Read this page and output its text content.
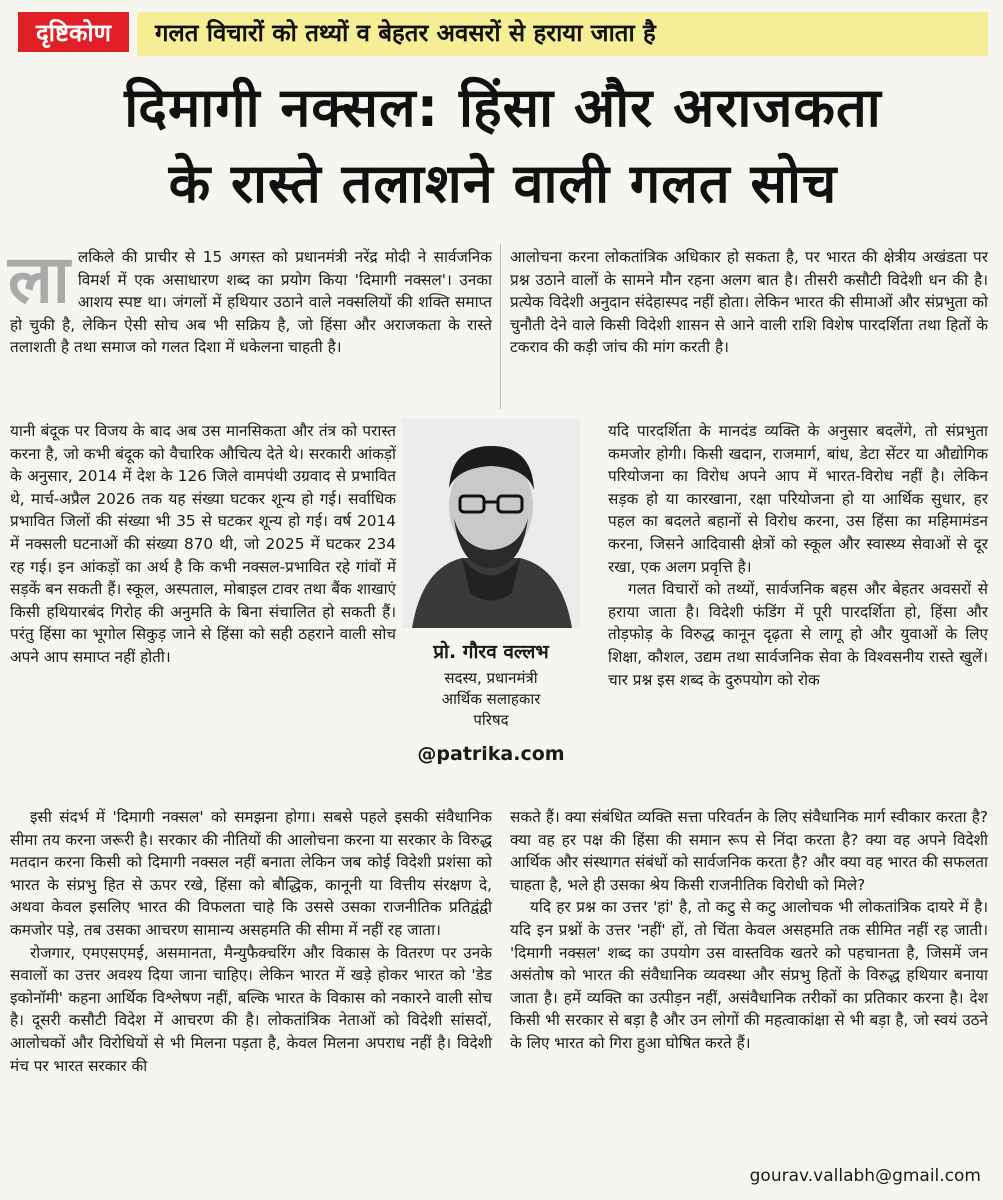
दृष्टिकोण	गलत विचारों को तथ्यों व बेहतर अवसरों से हराया जाता है
दिमागी नक्सल: हिंसा और अराजकता
के रास्ते तलाशने वाली गलत सोच
ला लकिले की प्राचीर से 15 अगस्त को प्रधानमंत्री नरेंद्र मोदी ने सार्वजनिक विमर्श में एक असाधारण शब्द का प्रयोग किया 'दिमागी नक्सल'। उनका आशय स्पष्ट था। जंगलों में हथियार उठाने वाले नक्सलियों की शक्ति समाप्त हो चुकी है, लेकिन ऐसी सोच अब भी सक्रिय है, जो हिंसा और अराजकता के रास्ते तलाशती है तथा समाज को गलत दिशा में धकेलना चाहती है।

यानी बंदूक पर विजय के बाद अब उस मानसिकता और तंत्र को परास्त करना है, जो कभी बंदूक को वैचारिक औचित्य देते थे। सरकारी आंकड़ों के अनुसार, 2014 में देश के 126 जिले वामपंथी उग्रवाद से प्रभावित थे, मार्च-अप्रैल 2026 तक यह संख्या घटकर शून्य हो गई। सर्वाधिक प्रभावित जिलों की संख्या भी 35 से घटकर शून्य हो गई। वर्ष 2014 में नक्सली घटनाओं की संख्या 870 थी, जो 2025 में घटकर 234 रह गई। इन आंकड़ों का अर्थ है कि कभी नक्सल-प्रभावित रहे गांवों में सड़कें बन सकती हैं। स्कूल, अस्पताल, मोबाइल टावर तथा बैंक शाखाएं किसी हथियारबंद गिरोह की अनुमति के बिना संचालित हो सकती हैं। परंतु हिंसा का भूगोल सिकुड़ जाने से हिंसा को सही ठहराने वाली सोच अपने आप समाप्त नहीं होती।

इसी संदर्भ में 'दिमागी नक्सल' को समझना होगा। सबसे पहले इसकी संवैधानिक सीमा तय करना जरूरी है। सरकार की नीतियों की आलोचना करना या सरकार के विरुद्ध मतदान करना किसी को दिमागी नक्सल नहीं बनाता लेकिन जब कोई विदेशी प्रशंसा को भारत के संप्रभु हित से ऊपर रखे, हिंसा को बौद्धिक, कानूनी या वित्तीय संरक्षण दे, अथवा केवल इसलिए भारत की विफलता चाहे कि उससे उसका राजनीतिक प्रतिद्वंद्वी कमजोर पड़े, तब उसका आचरण सामान्य असहमति की सीमा में नहीं रह जाता।

रोजगार, एमएसएमई, असमानता, मैन्युफैक्चरिंग और विकास के वितरण पर उनके सवालों का उत्तर अवश्य दिया जाना चाहिए। लेकिन भारत में खड़े होकर भारत को 'डेड इकोनॉमी' कहना आर्थिक विश्लेषण नहीं, बल्कि भारत के विकास को नकारने वाली सोच है। दूसरी कसौटी विदेश में आचरण की है। लोकतांत्रिक नेताओं को विदेशी सांसदों, आलोचकों और विरोधियों से भी मिलना पड़ता है, केवल मिलना अपराध नहीं है। विदेशी मंच पर भारत सरकार की

आलोचना करना लोकतांत्रिक अधिकार हो सकता है, पर भारत की क्षेत्रीय अखंडता पर प्रश्न उठाने वालों के सामने मौन रहना अलग बात है। तीसरी कसौटी विदेशी धन की है। प्रत्येक विदेशी अनुदान संदेहास्पद नहीं होता। लेकिन भारत की सीमाओं और संप्रभुता को चुनौती देने वाले किसी विदेशी शासन से आने वाली राशि विशेष पारदर्शिता तथा हितों के टकराव की कड़ी जांच की मांग करती है।

यदि पारदर्शिता के मानदंड व्यक्ति के अनुसार बदलेंगे, तो संप्रभुता कमजोर होगी। किसी खदान, राजमार्ग, बांध, डेटा सेंटर या औद्योगिक परियोजना का विरोध अपने आप में भारत-विरोध नहीं है। लेकिन सड़क हो या कारखाना, रक्षा परियोजना हो या आर्थिक सुधार, हर पहल का बदलते बहानों से विरोध करना, उस हिंसा का महिमामंडन करना, जिसने आदिवासी क्षेत्रों को स्कूल और स्वास्थ्य सेवाओं से दूर रखा, एक अलग प्रवृत्ति है।

गलत विचारों को तथ्यों, सार्वजनिक बहस और बेहतर अवसरों से हराया जाता है। विदेशी फंडिंग में पूरी पारदर्शिता हो, हिंसा और तोड़फोड़ के विरुद्ध कानून दृढ़ता से लागू हो और युवाओं के लिए शिक्षा, कौशल, उद्यम तथा सार्वजनिक सेवा के विश्वसनीय रास्ते खुलें। चार प्रश्न इस शब्द के दुरुपयोग को रोक

सकते हैं। क्या संबंधित व्यक्ति सत्ता परिवर्तन के लिए संवैधानिक मार्ग स्वीकार करता है? क्या वह हर पक्ष की हिंसा की समान रूप से निंदा करता है? क्या वह अपने विदेशी आर्थिक और संस्थागत संबंधों को सार्वजनिक करता है? और क्या वह भारत की सफलता चाहता है, भले ही उसका श्रेय किसी राजनीतिक विरोधी को मिले?

यदि हर प्रश्न का उत्तर 'हां' है, तो कटु से कटु आलोचक भी लोकतांत्रिक दायरे में है। यदि इन प्रश्नों के उत्तर 'नहीं' हों, तो चिंता केवल असहमति तक सीमित नहीं रह जाती। 'दिमागी नक्सल' शब्द का उपयोग उस वास्तविक खतरे को पहचानता है, जिसमें जन असंतोष को भारत की संवैधानिक व्यवस्था और संप्रभु हितों के विरुद्ध हथियार बनाया जाता है। हमें व्यक्ति का उत्पीड़न नहीं, असंवैधानिक तरीकों का प्रतिकार करना है। देश किसी भी सरकार से बड़ा है और उन लोगों की महत्वाकांक्षा से भी बड़ा है, जो स्वयं उठने के लिए भारत को गिरा हुआ घोषित करते हैं।

प्रो. गौरव वल्लभ
सदस्य, प्रधानमंत्री
आर्थिक सलाहकार
परिषद
@patrika.com
gourav.vallabh@gmail.com
